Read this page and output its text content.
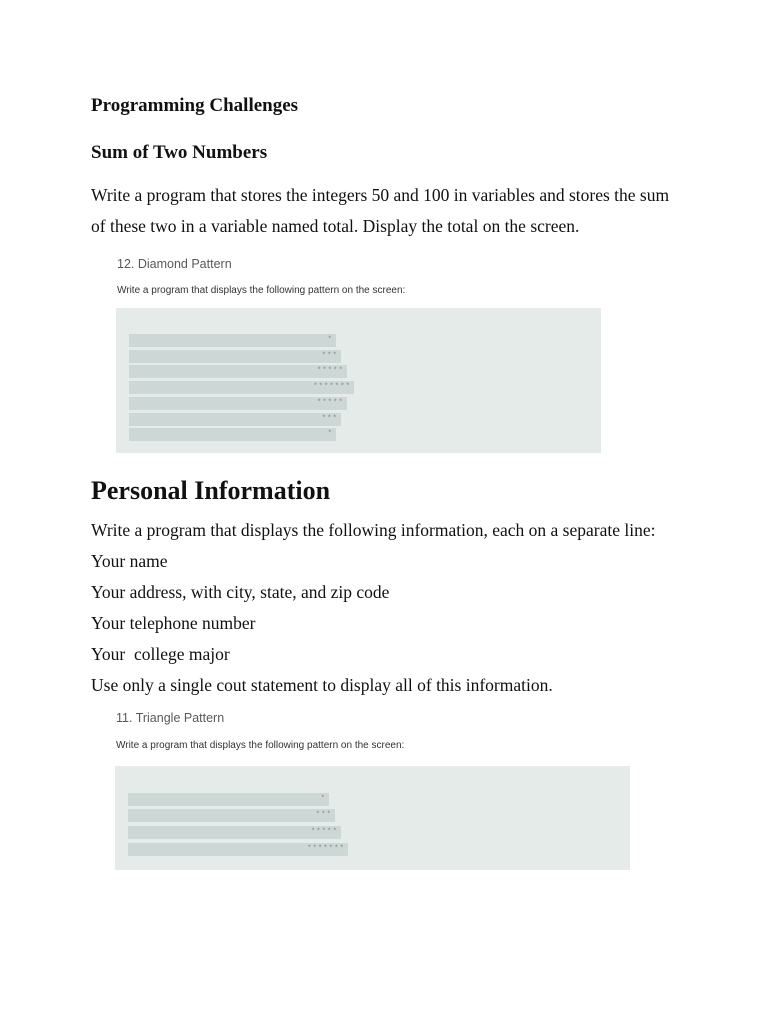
Programming Challenges
Sum of Two Numbers
Write a program that stores the integers 50 and 100 in variables and stores the sum
of these two in a variable named total. Display the total on the screen.
12. Diamond Pattern
Write a program that displays the following pattern on the screen:
*
***
*****
*******
*****
***
*
Personal Information
Write a program that displays the following information, each on a separate line:
Your name
Your address, with city, state, and zip code
Your telephone number
Your  college major
Use only a single cout statement to display all of this information.
11. Triangle Pattern
Write a program that displays the following pattern on the screen:
*
***
*****
*******
